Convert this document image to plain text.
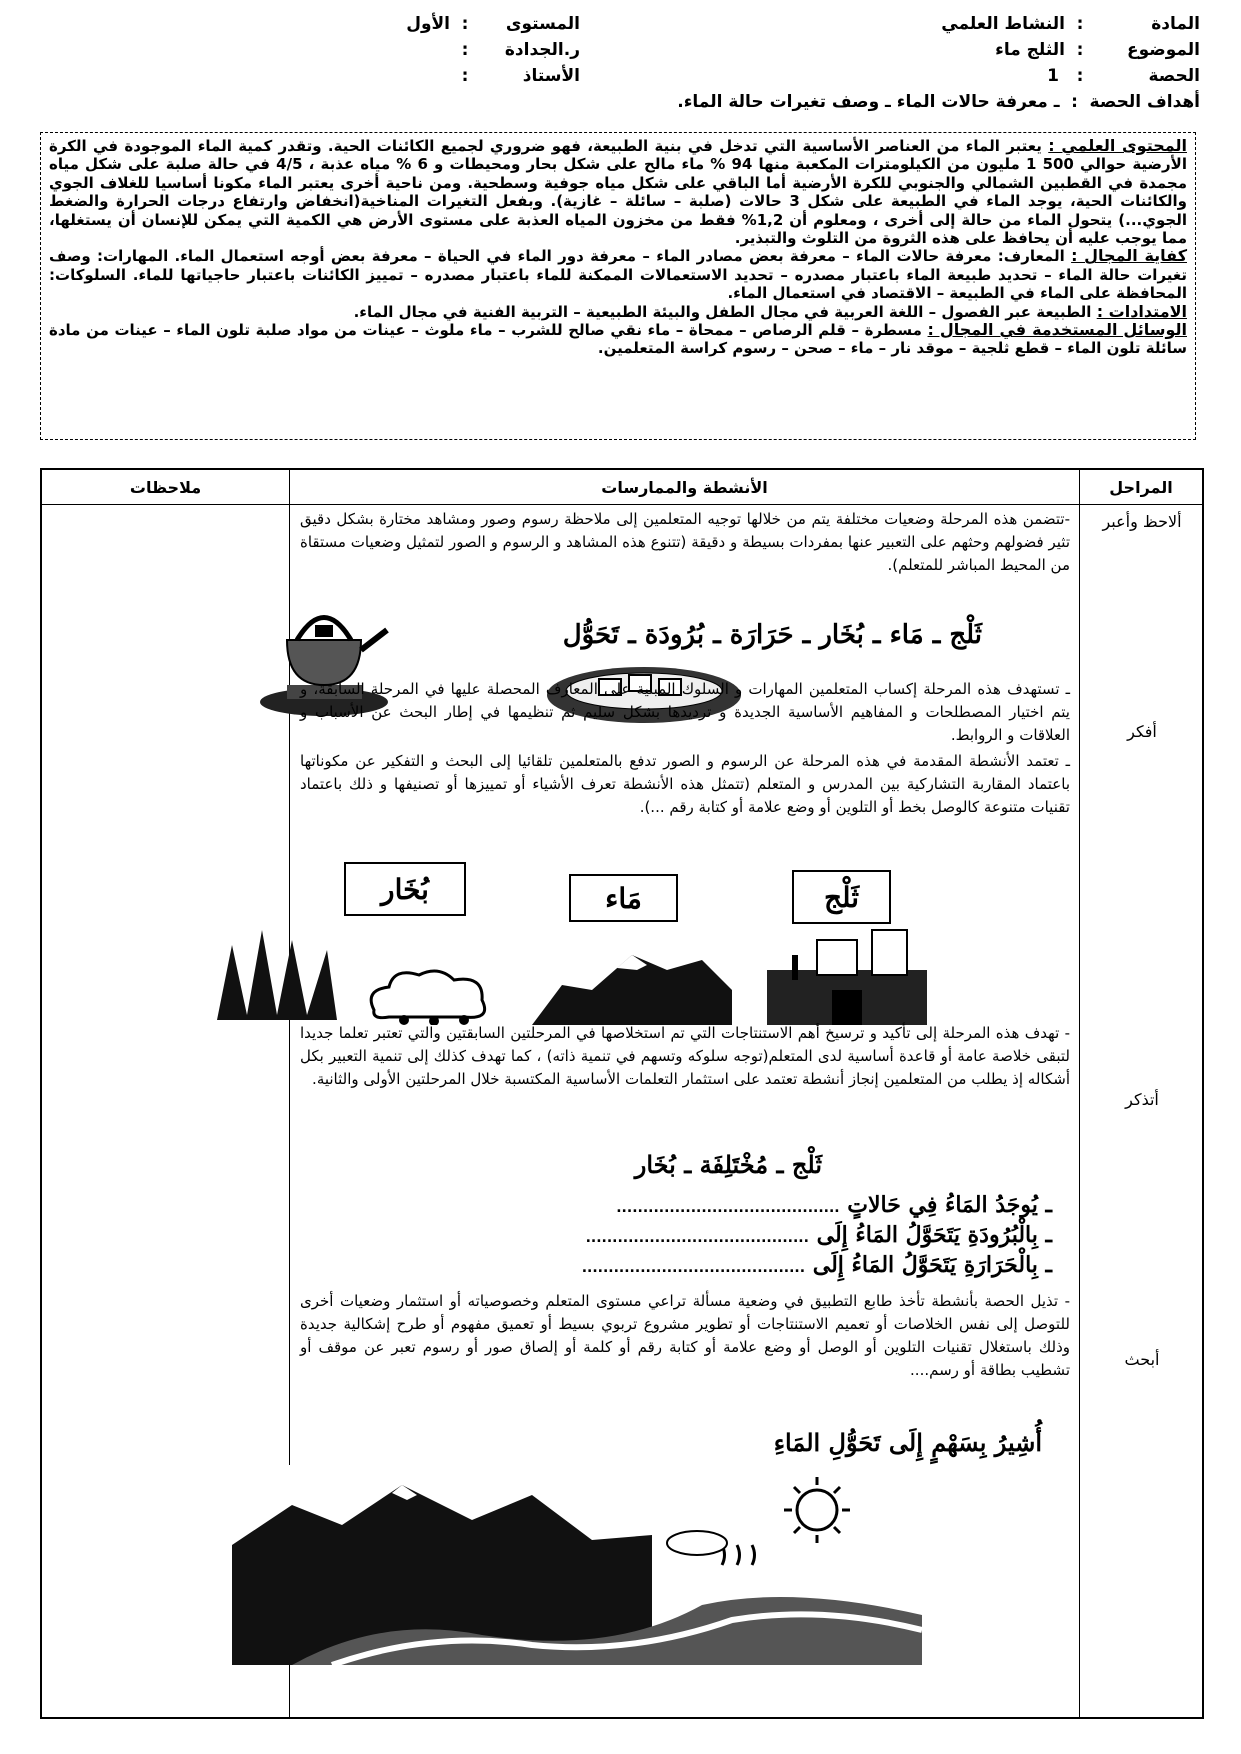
المادة:النشاط العلمي
الموضوع:الثلج ماء
الحصة:1
أهداف الحصة:ـ معرفة حالات الماء ـ وصف تغيرات حالة الماء.
المستوى:الأول
ر.الجدادة:
الأستاذ:
المحتوى العلمي : يعتبر الماء من العناصر الأساسية التي تدخل في بنية الطبيعة، فهو ضروري لجميع الكائنات الحية. وتقدر كمية الماء الموجودة في الكرة الأرضية حوالي 500 1 مليون من الكيلومترات المكعبة منها 94 % ماء مالح على شكل بحار ومحيطات و 6 % مياه عذبة ، 4/5 في حالة صلبة على شكل مياه مجمدة في القطبين الشمالي والجنوبي للكرة الأرضية أما الباقي على شكل مياه جوفية وسطحية. ومن ناحية أخرى يعتبر الماء مكونا أساسيا للغلاف الجوي والكائنات الحية، يوجد الماء في الطبيعة على شكل 3 حالات (صلبة – سائلة – غازية). وبفعل التغيرات المناخية(انخفاض وارتفاع درجات الحرارة والضغط الجوي...) يتحول الماء من حالة إلى أخرى ، ومعلوم أن 1,2% فقط من مخزون المياه العذبة على مستوى الأرض هي الكمية التي يمكن للإنسان أن يستغلها، مما يوجب عليه أن يحافظ على هذه الثروة من التلوث والتبذير.
كفاية المجال : المعارف: معرفة حالات الماء – معرفة بعض مصادر الماء – معرفة دور الماء في الحياة – معرفة بعض أوجه استعمال الماء. المهارات: وصف تغيرات حالة الماء – تحديد طبيعة الماء باعتبار مصدره – تحديد الاستعمالات الممكنة للماء باعتبار مصدره – تمييز الكائنات باعتبار حاجياتها للماء. السلوكات: المحافظة على الماء في الطبيعة – الاقتصاد في استعمال الماء.
الامتدادات : الطبيعة عبر الفصول – اللغة العربية في مجال الطفل والبيئة الطبيعية – التربية الفنية في مجال الماء.
الوسائل المستخدمة في المجال : مسطرة – قلم الرصاص – ممحاة – ماء نقي صالح للشرب – ماء ملوث – عينات من مواد صلبة تلون الماء – عينات من مادة سائلة تلون الماء – قطع ثلجية – موقد نار – ماء – صحن – رسوم كراسة المتعلمين.
المراحل
الأنشطة والممارسات
ملاحظات
ألاحظ وأعبر
أفكر
أتذكر
أبحث
-تتضمن هذه المرحلة وضعيات مختلفة يتم من خلالها توجيه المتعلمين إلى ملاحظة رسوم وصور ومشاهد مختارة بشكل دقيق تثير فضولهم وحثهم على التعبير عنها بمفردات بسيطة و دقيقة (تتنوع هذه المشاهد و الرسوم و الصور لتمثيل وضعيات مستقاة من المحيط المباشر للمتعلم).
ثَلْج ـ مَاء ـ بُخَار ـ حَرَارَة ـ بُرُودَة ـ تَحَوُّل
ـ تستهدف هذه المرحلة إكساب المتعلمين المهارات و السلوك المبنية على المعارف المحصلة عليها في المرحلة السابقة، و يتم اختيار المصطلحات و المفاهيم الأساسية الجديدة و ترديدها بشكل سليم ثم تنظيمها في إطار البحث عن الأسباب و العلاقات و الروابط.
ـ تعتمد الأنشطة المقدمة في هذه المرحلة عن الرسوم و الصور تدفع بالمتعلمين تلقائيا إلى البحث و التفكير عن مكوناتها باعتماد المقاربة التشاركية بين المدرس و المتعلم (تتمثل هذه الأنشطة تعرف الأشياء أو تمييزها أو تصنيفها و ذلك باعتماد تقنيات متنوعة كالوصل بخط أو التلوين أو وضع علامة أو كتابة رقم ...).
ثَلْج
مَاء
بُخَار
- تهدف هذه المرحلة إلى تأكيد و ترسيخ أهم الاستنتاجات التي تم استخلاصها في المرحلتين السابقتين والتي تعتبر تعلما جديدا لتبقى خلاصة عامة أو قاعدة أساسية لدى المتعلم(توجه سلوكه وتسهم في تنمية ذاته) ، كما تهدف كذلك إلى تنمية التعبير بكل أشكاله إذ يطلب من المتعلمين إنجاز أنشطة تعتمد على استثمار التعلمات الأساسية المكتسبة خلال المرحلتين الأولى والثانية.
ثَلْج ـ مُخْتَلِفَة ـ بُخَار
ـ يُوجَدُ المَاءُ فِي حَالاتٍ ..........................................
ـ بِالْبُرُودَةِ يَتَحَوَّلُ المَاءُ إِلَى ..........................................
ـ بِالْحَرَارَةِ يَتَحَوَّلُ المَاءُ إِلَى ..........................................
- تذيل الحصة بأنشطة تأخذ طابع التطبيق في وضعية مسألة تراعي مستوى المتعلم وخصوصياته أو استثمار وضعيات أخرى للتوصل إلى نفس الخلاصات أو تعميم الاستنتاجات أو تطوير مشروع تربوي بسيط أو تعميق مفهوم أو طرح إشكالية جديدة وذلك باستغلال تقنيات التلوين أو الوصل أو وضع علامة أو كتابة رقم أو كلمة أو إلصاق صور أو رسوم تعبر عن موقف أو تشطيب بطاقة أو رسم....
أُشِيرُ بِسَهْمٍ إِلَى تَحَوُّلِ المَاءِ
